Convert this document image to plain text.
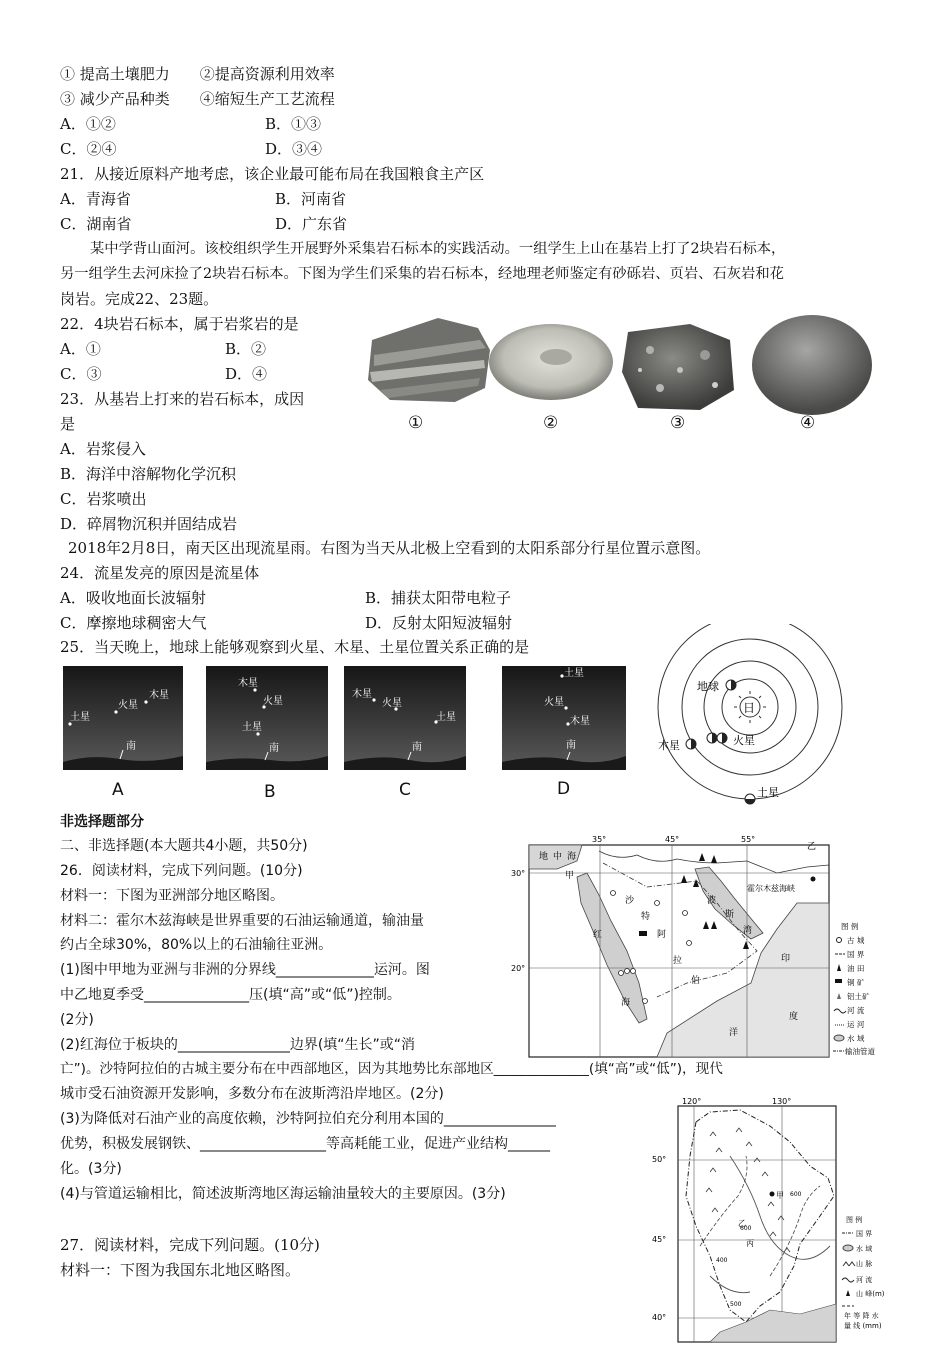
① 提高土壤肥力　　②提高资源利用效率
③ 减少产品种类　　④缩短生产工艺流程
A．①②	B．①③
C．②④	D．③④
21．从接近原料产地考虑，该企业最可能布局在我国粮食主产区
A．青海省	B．河南省
C．湖南省	D．广东省
某中学背山面河。该校组织学生开展野外采集岩石标本的实践活动。一组学生上山在基岩上打了2块岩石标本，
另一组学生去河床捡了2块岩石标本。下图为学生们采集的岩石标本，经地理老师鉴定有砂砾岩、页岩、石灰岩和花
岗岩。完成22、23题。
22．4块岩石标本，属于岩浆岩的是
A．①	B．②
C．③	D．④
23．从基岩上打来的岩石标本，成因
是
A．岩浆侵入
B．海洋中溶解物化学沉积
C．岩浆喷出
D．碎屑物沉积并固结成岩
2018年2月8日，南天区出现流星雨。右图为当天从北极上空看到的太阳系部分行星位置示意图。
24．流星发亮的原因是流星体
A．吸收地面长波辐射	B．捕获太阳带电粒子
C．摩擦地球稠密大气	D．反射太阳短波辐射
25．当天晚上，地球上能够观察到火星、木星、土星位置关系正确的是
非选择题部分
二、非选择题(本大题共4小题，共50分)
26．阅读材料，完成下列问题。(10分)
材料一：下图为亚洲部分地区略图。
材料二：霍尔木兹海峡是世界重要的石油运输通道，输油量
约占全球30%，80%以上的石油输往亚洲。
(1)图中甲地为亚洲与非洲的分界线______________运河。图
中乙地夏季受_______________压(填“高”或“低”)控制。
(2分)
(2)红海位于板块的________________边界(填“生长”或“消
亡”)。沙特阿拉伯的古城主要分布在中西部地区，因为其地势比东部地区______________(填“高”或“低”)，现代
城市受石油资源开发影响，多数分布在波斯湾沿岸地区。(2分)
(3)为降低对石油产业的高度依赖，沙特阿拉伯充分利用本国的________________
优势，积极发展钢铁、__________________等高耗能工业，促进产业结构______
化。(3分)
(4)与管道运输相比，简述波斯湾地区海运输油量较大的主要原因。(3分)
27．阅读材料，完成下列问题。(10分)
材料一：下图为我国东北地区略图。
①	②	③	④
土星
火星
木星
南
A
木星
火星
土星
南
B
木星
火星
土星
南
C
土星
火星
木星
南
D
日
地球
火星
木星
土星
35°	45°	55°
30°
20°
地 中 海
甲
乙
霍尔木兹海峡
沙
特
阿
拉
伯
红
海
波
斯
湾
印
度
洋
图 例
古 城
国 界
油 田
铜 矿
铝土矿
河 流
运 河
水 域
输油管道
120°	130°
50°
45°
40°
600
400
500
600
甲
乙
丙
图 例
国 界
水 域
山 脉
河 流
山 峰(m)
年 等 降 水
量 线 (mm)
